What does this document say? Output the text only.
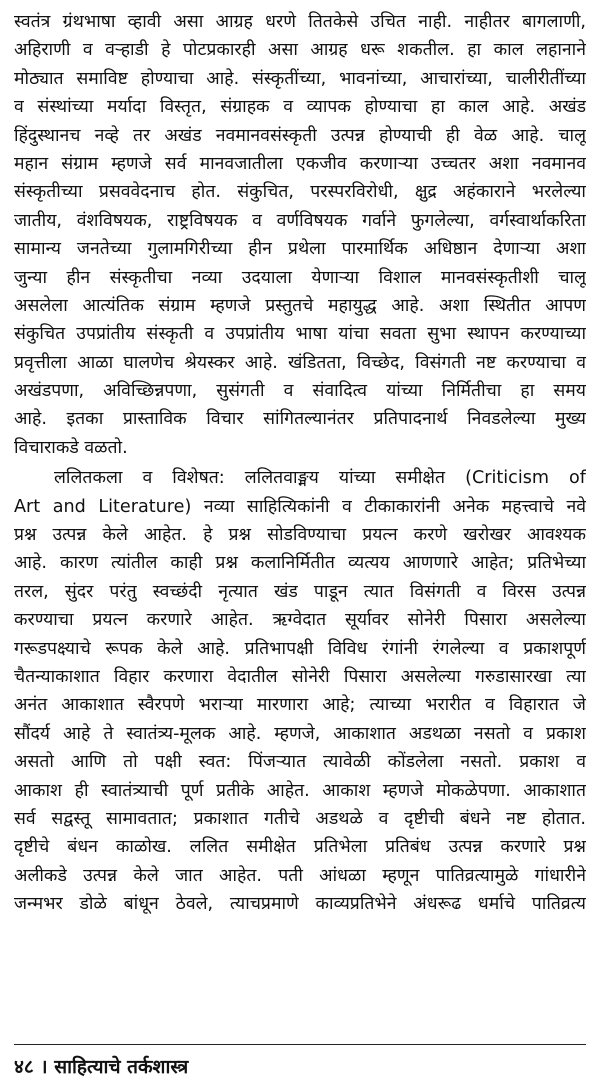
स्वतंत्र ग्रंथभाषा व्हावी असा आग्रह धरणे तितकेसे उचित नाही. नाहीतर बागलाणी,
अहिराणी व वऱ्हाडी हे पोटप्रकारही असा आग्रह धरू शकतील. हा काल लहानाने
मोठ्यात समाविष्ट होण्याचा आहे. संस्कृतींच्या, भावनांच्या, आचारांच्या, चालीरीतींच्या
व संस्थांच्या मर्यादा विस्तृत, संग्राहक व व्यापक होण्याचा हा काल आहे. अखंड
हिंदुस्थानच नव्हे तर अखंड नवमानवसंस्कृती उत्पन्न होण्याची ही वेळ आहे. चालू
महान संग्राम म्हणजे सर्व मानवजातीला एकजीव करणाऱ्या उच्चतर अशा नवमानव
संस्कृतीच्या प्रसववेदनाच होत. संकुचित, परस्परविरोधी, क्षुद्र अहंकाराने भरलेल्या
जातीय, वंशविषयक, राष्ट्रविषयक व वर्णविषयक गर्वाने फुगलेल्या, वर्गस्वार्थाकरिता
सामान्य जनतेच्या गुलामगिरीच्या हीन प्रथेला पारमार्थिक अधिष्ठान देणाऱ्या अशा
जुन्या हीन संस्कृतीचा नव्या उदयाला येणाऱ्या विशाल मानवसंस्कृतीशी चालू
असलेला आत्यंतिक संग्राम म्हणजे प्रस्तुतचे महायुद्ध आहे. अशा स्थितीत आपण
संकुचित उपप्रांतीय संस्कृती व उपप्रांतीय भाषा यांचा सवता सुभा स्थापन करण्याच्या
प्रवृत्तीला आळा घालणेच श्रेयस्कर आहे. खंडितता, विच्छेद, विसंगती नष्ट करण्याचा व
अखंडपणा, अविच्छिन्नपणा, सुसंगती व संवादित्व यांच्या निर्मितीचा हा समय
आहे. इतका प्रास्ताविक विचार सांगितल्यानंतर प्रतिपादनार्थ निवडलेल्या मुख्य
विचाराकडे वळतो.
ललितकला व विशेषत: ललितवाङ्मय यांच्या समीक्षेत (Criticism of
Art and Literature) नव्या साहित्यिकांनी व टीकाकारांनी अनेक महत्त्वाचे नवे
प्रश्न उत्पन्न केले आहेत. हे प्रश्न सोडविण्याचा प्रयत्न करणे खरोखर आवश्यक
आहे. कारण त्यांतील काही प्रश्न कलानिर्मितीत व्यत्यय आणणारे आहेत; प्रतिभेच्या
तरल, सुंदर परंतु स्वच्छंदी नृत्यात खंड पाडून त्यात विसंगती व विरस उत्पन्न
करण्याचा प्रयत्न करणारे आहेत. ऋग्वेदात सूर्यावर सोनेरी पिसारा असलेल्या
गरूडपक्ष्याचे रूपक केले आहे. प्रतिभापक्षी विविध रंगांनी रंगलेल्या व प्रकाशपूर्ण
चैतन्याकाशात विहार करणारा वेदातील सोनेरी पिसारा असलेल्या गरुडासारखा त्या
अनंत आकाशात स्वैरपणे भराऱ्या मारणारा आहे; त्याच्या भरारीत व विहारात जे
सौंदर्य आहे ते स्वातंत्र्य-मूलक आहे. म्हणजे, आकाशात अडथळा नसतो व प्रकाश
असतो आणि तो पक्षी स्वत: पिंजऱ्यात त्यावेळी कोंडलेला नसतो. प्रकाश व
आकाश ही स्वातंत्र्याची पूर्ण प्रतीके आहेत. आकाश म्हणजे मोकळेपणा. आकाशात
सर्व सद्वस्तू सामावतात; प्रकाशात गतीचे अडथळे व दृष्टीची बंधने नष्ट होतात.
दृष्टीचे बंधन काळोख. ललित समीक्षेत प्रतिभेला प्रतिबंध उत्पन्न करणारे प्रश्न
अलीकडे उत्पन्न केले जात आहेत. पती आंधळा म्हणून पातिव्रत्यामुळे गांधारीने
जन्मभर डोळे बांधून ठेवले, त्याचप्रमाणे काव्यप्रतिभेने अंधरूढ धर्माचे पातिव्रत्य
४८ । साहित्याचे तर्कशास्त्र
